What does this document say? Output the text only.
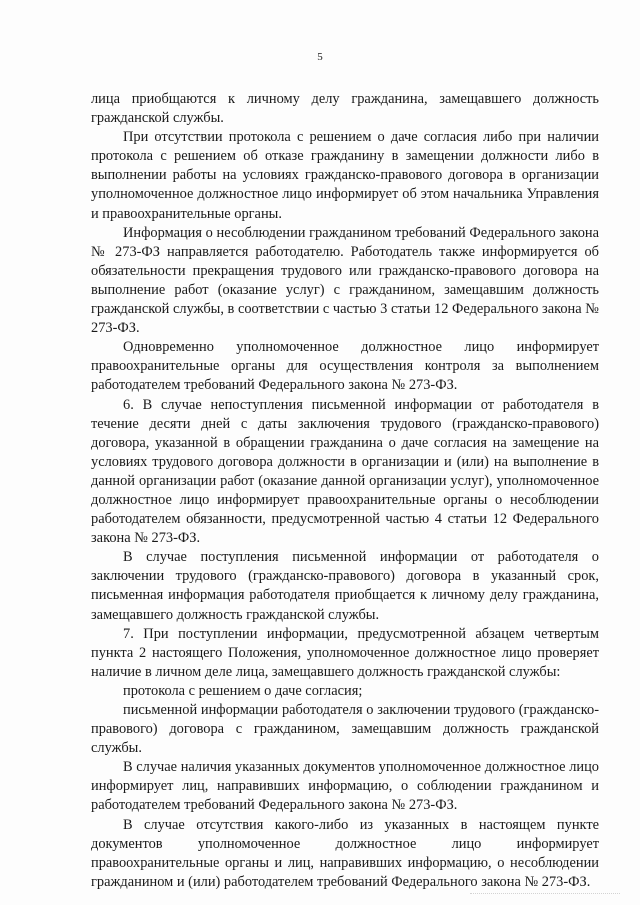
5

лица приобщаются к личному делу гражданина, замещавшего должность гражданской службы.

При отсутствии протокола с решением о даче согласия либо при наличии протокола с решением об отказе гражданину в замещении должности либо в выполнении работы на условиях гражданско-правового договора в организации уполномоченное должностное лицо информирует об этом начальника Управления и правоохранительные органы.

Информация о несоблюдении гражданином требований Федерального закона № 273-ФЗ направляется работодателю. Работодатель также информируется об обязательности прекращения трудового или гражданско-правового договора на выполнение работ (оказание услуг) с гражданином, замещавшим должность гражданской службы, в соответствии с частью 3 статьи 12 Федерального закона № 273-ФЗ.

Одновременно уполномоченное должностное лицо информирует правоохранительные органы для осуществления контроля за выполнением работодателем требований Федерального закона № 273-ФЗ.

6. В случае непоступления письменной информации от работодателя в течение десяти дней с даты заключения трудового (гражданско-правового) договора, указанной в обращении гражданина о даче согласия на замещение на условиях трудового договора должности в организации и (или) на выполнение в данной организации работ (оказание данной организации услуг), уполномоченное должностное лицо информирует правоохранительные органы о несоблюдении работодателем обязанности, предусмотренной частью 4 статьи 12 Федерального закона № 273-ФЗ.

В случае поступления письменной информации от работодателя о заключении трудового (гражданско-правового) договора в указанный срок, письменная информация работодателя приобщается к личному делу гражданина, замещавшего должность гражданской службы.

7. При поступлении информации, предусмотренной абзацем четвертым пункта 2 настоящего Положения, уполномоченное должностное лицо проверяет наличие в личном деле лица, замещавшего должность гражданской службы:

протокола с решением о даче согласия;

письменной информации работодателя о заключении трудового (гражданско-правового) договора с гражданином, замещавшим должность гражданской службы.

В случае наличия указанных документов уполномоченное должностное лицо информирует лиц, направивших информацию, о соблюдении гражданином и работодателем требований Федерального закона № 273-ФЗ.

В случае отсутствия какого-либо из указанных в настоящем пункте документов уполномоченное должностное лицо информирует правоохранительные органы и лиц, направивших информацию, о несоблюдении гражданином и (или) работодателем требований Федерального закона № 273-ФЗ.
